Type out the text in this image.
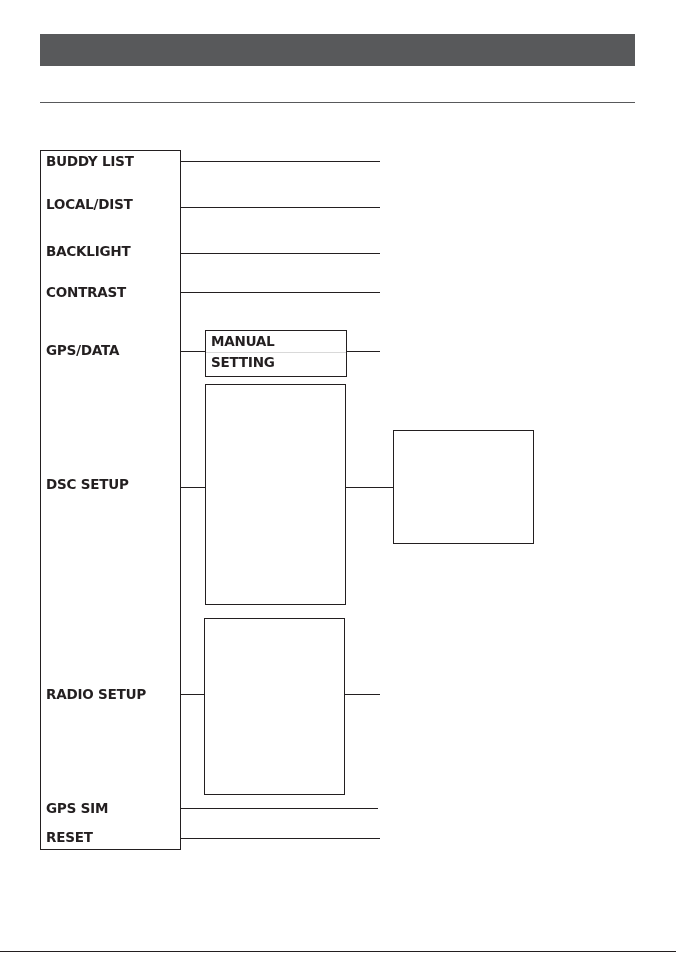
BUDDY LIST
LOCAL/DIST
BACKLIGHT
CONTRAST
GPS/DATA
DSC SETUP
RADIO SETUP
GPS SIM
RESET
MANUAL
SETTING
